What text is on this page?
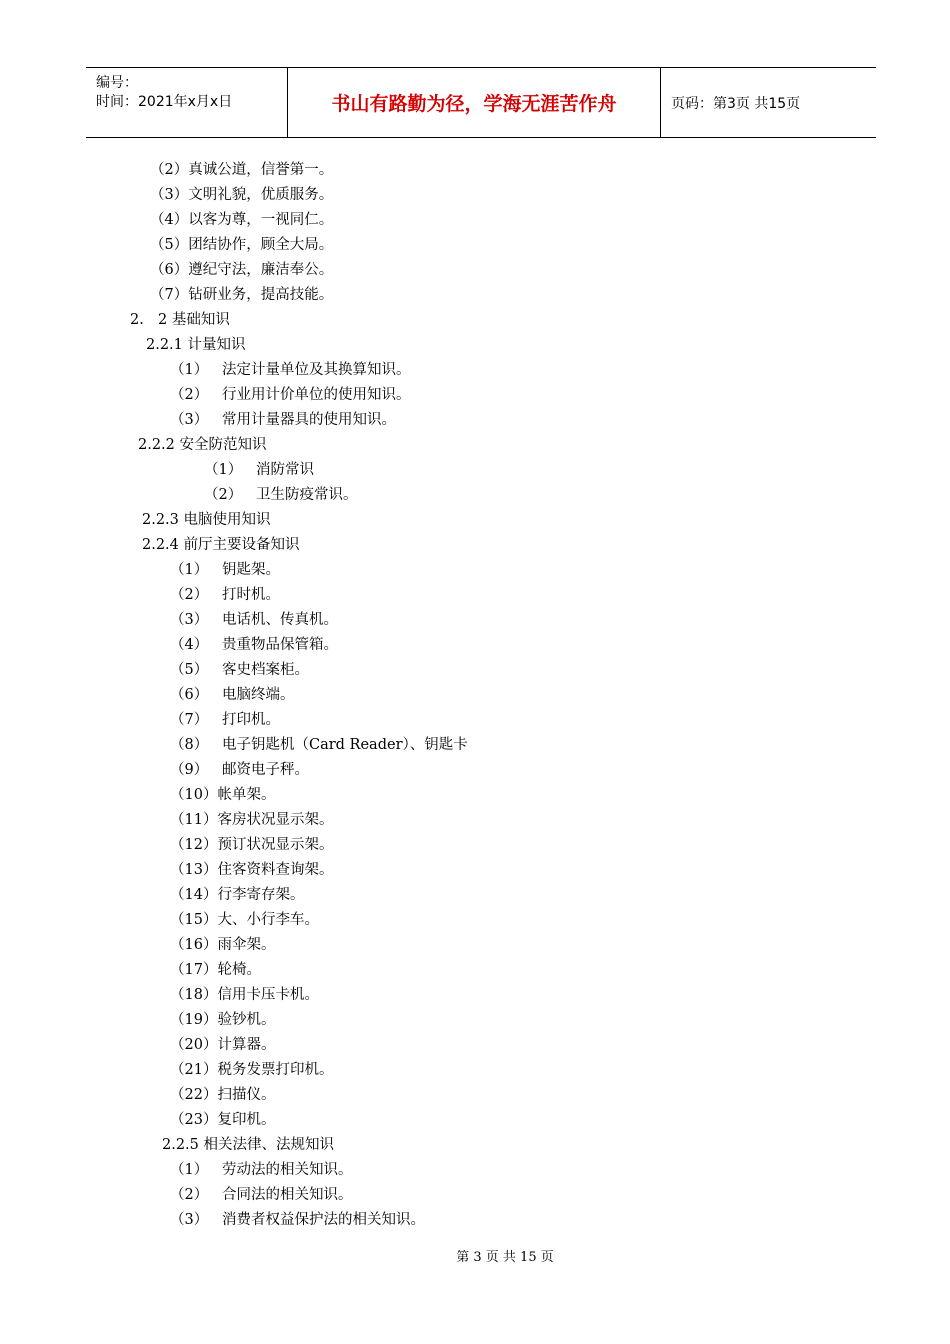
编号：
时间：2021年x月x日	书山有路勤为径，学海无涯苦作舟	页码：第3页 共15页
（2）真诚公道，信誉第一。
（3）文明礼貌，优质服务。
（4）以客为尊，一视同仁。
（5）团结协作，顾全大局。
（6）遵纪守法，廉洁奉公。
（7）钻研业务，提高技能。
2. 2 基础知识
2.2.1 计量知识
（1） 法定计量单位及其换算知识。
（2） 行业用计价单位的使用知识。
（3） 常用计量器具的使用知识。
2.2.2 安全防范知识
（1） 消防常识
（2） 卫生防疫常识。
2.2.3 电脑使用知识
2.2.4 前厅主要设备知识
（1） 钥匙架。
（2） 打时机。
（3） 电话机、传真机。
（4） 贵重物品保管箱。
（5） 客史档案柜。
（6） 电脑终端。
（7） 打印机。
（8） 电子钥匙机（Card Reader）、钥匙卡
（9） 邮资电子秤。
（10）帐单架。
（11）客房状况显示架。
（12）预订状况显示架。
（13）住客资料查询架。
（14）行李寄存架。
（15）大、小行李车。
（16）雨伞架。
（17）轮椅。
（18）信用卡压卡机。
（19）验钞机。
（20）计算器。
（21）税务发票打印机。
（22）扫描仪。
（23）复印机。
2.2.5 相关法律、法规知识
（1） 劳动法的相关知识。
（2） 合同法的相关知识。
（3） 消费者权益保护法的相关知识。
第 3 页 共 15 页
